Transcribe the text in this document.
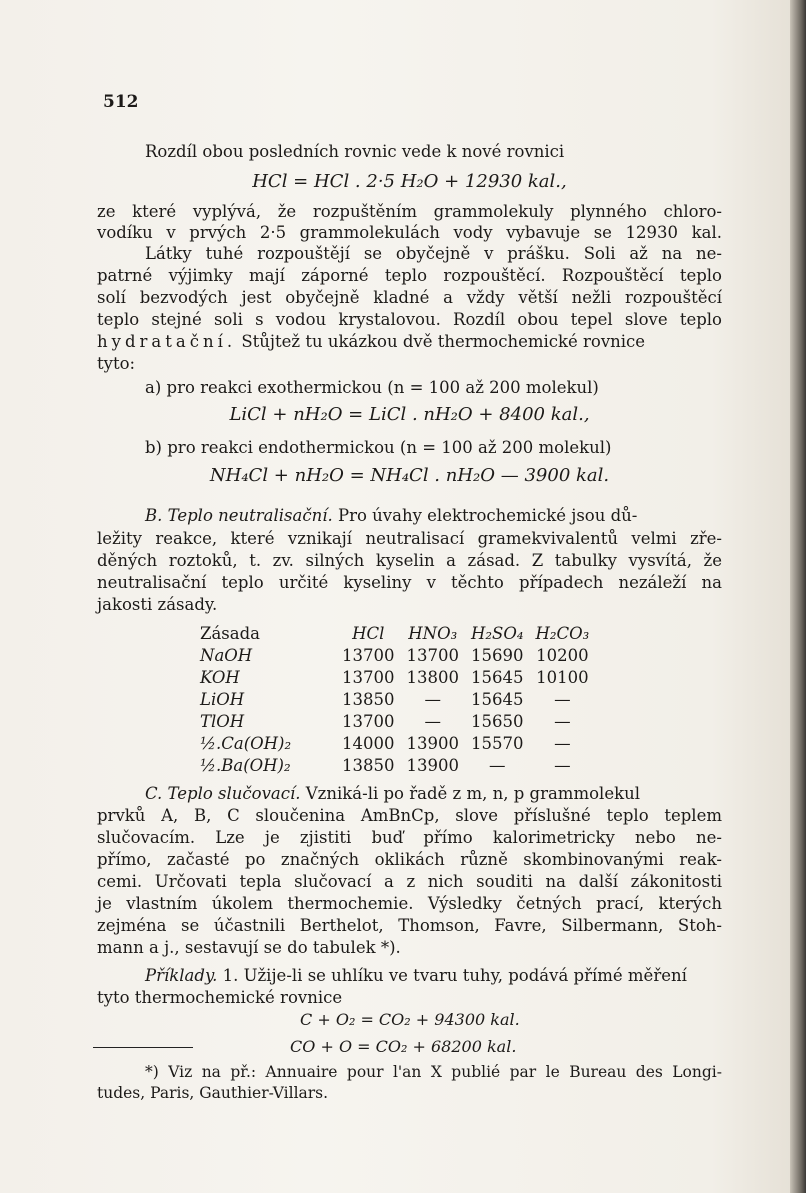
512
Rozdíl obou posledních rovnic vede k nové rovnici
HCl = HCl . 2·5 H₂O + 12930 kal.,
ze které vyplývá, že rozpuštěním grammolekuly plynného chloro-
vodíku v prvých 2·5 grammolekulách vody vybavuje se 12930 kal.
Látky tuhé rozpouštějí se obyčejně v prášku. Soli až na ne-
patrné výjimky mají záporné teplo rozpouštěcí. Rozpouštěcí teplo
solí bezvodých jest obyčejně kladné a vždy větší nežli rozpouštěcí
teplo stejné soli s vodou krystalovou. Rozdíl obou tepel slove teplo
hydratační. Stůjtež tu ukázkou dvě thermochemické rovnice
tyto:
a) pro reakci exothermickou (n = 100 až 200 molekul)
LiCl + nH₂O = LiCl . nH₂O + 8400 kal.,
b) pro reakci endothermickou (n = 100 až 200 molekul)
NH₄Cl + nH₂O = NH₄Cl . nH₂O — 3900 kal.
B. Teplo neutralisační. Pro úvahy elektrochemické jsou dů-
ležity reakce, které vznikají neutralisací gramekvivalentů velmi zře-
děných roztoků, t. zv. silných kyselin a zásad. Z tabulky vysvítá, že
neutralisační teplo určité kyseliny v těchto případech nezáleží na
jakosti zásady.
Zásada	HCl	HNO₃	H₂SO₄	H₂CO₃
NaOH	13700	13700	15690	10200
KOH	13700	13800	15645	10100
LiOH	13850	—	15645	—
TlOH	13700	—	15650	—
½.Ca(OH)₂	14000	13900	15570	—
½.Ba(OH)₂	13850	13900	—	—
C. Teplo slučovací. Vzniká-li po řadě z m, n, p grammolekul
prvků A, B, C sloučenina AmBnCp, slove příslušné teplo teplem
slučovacím. Lze je zjistiti buď přímo kalorimetricky nebo ne-
přímo, začasté po značných oklikách různě skombinovanými reak-
cemi. Určovati tepla slučovací a z nich souditi na další zákonitosti
je vlastním úkolem thermochemie. Výsledky četných prací, kterých
zejména se účastnili Berthelot, Thomson, Favre, Silbermann, Stoh-
mann a j., sestavují se do tabulek *).
Příklady. 1. Užije-li se uhlíku ve tvaru tuhy, podává přímé měření
tyto thermochemické rovnice
C + O₂ = CO₂ + 94300 kal.
CO + O = CO₂ + 68200 kal.
*) Viz na př.: Annuaire pour l'an X publié par le Bureau des Longi-
tudes, Paris, Gauthier-Villars.
